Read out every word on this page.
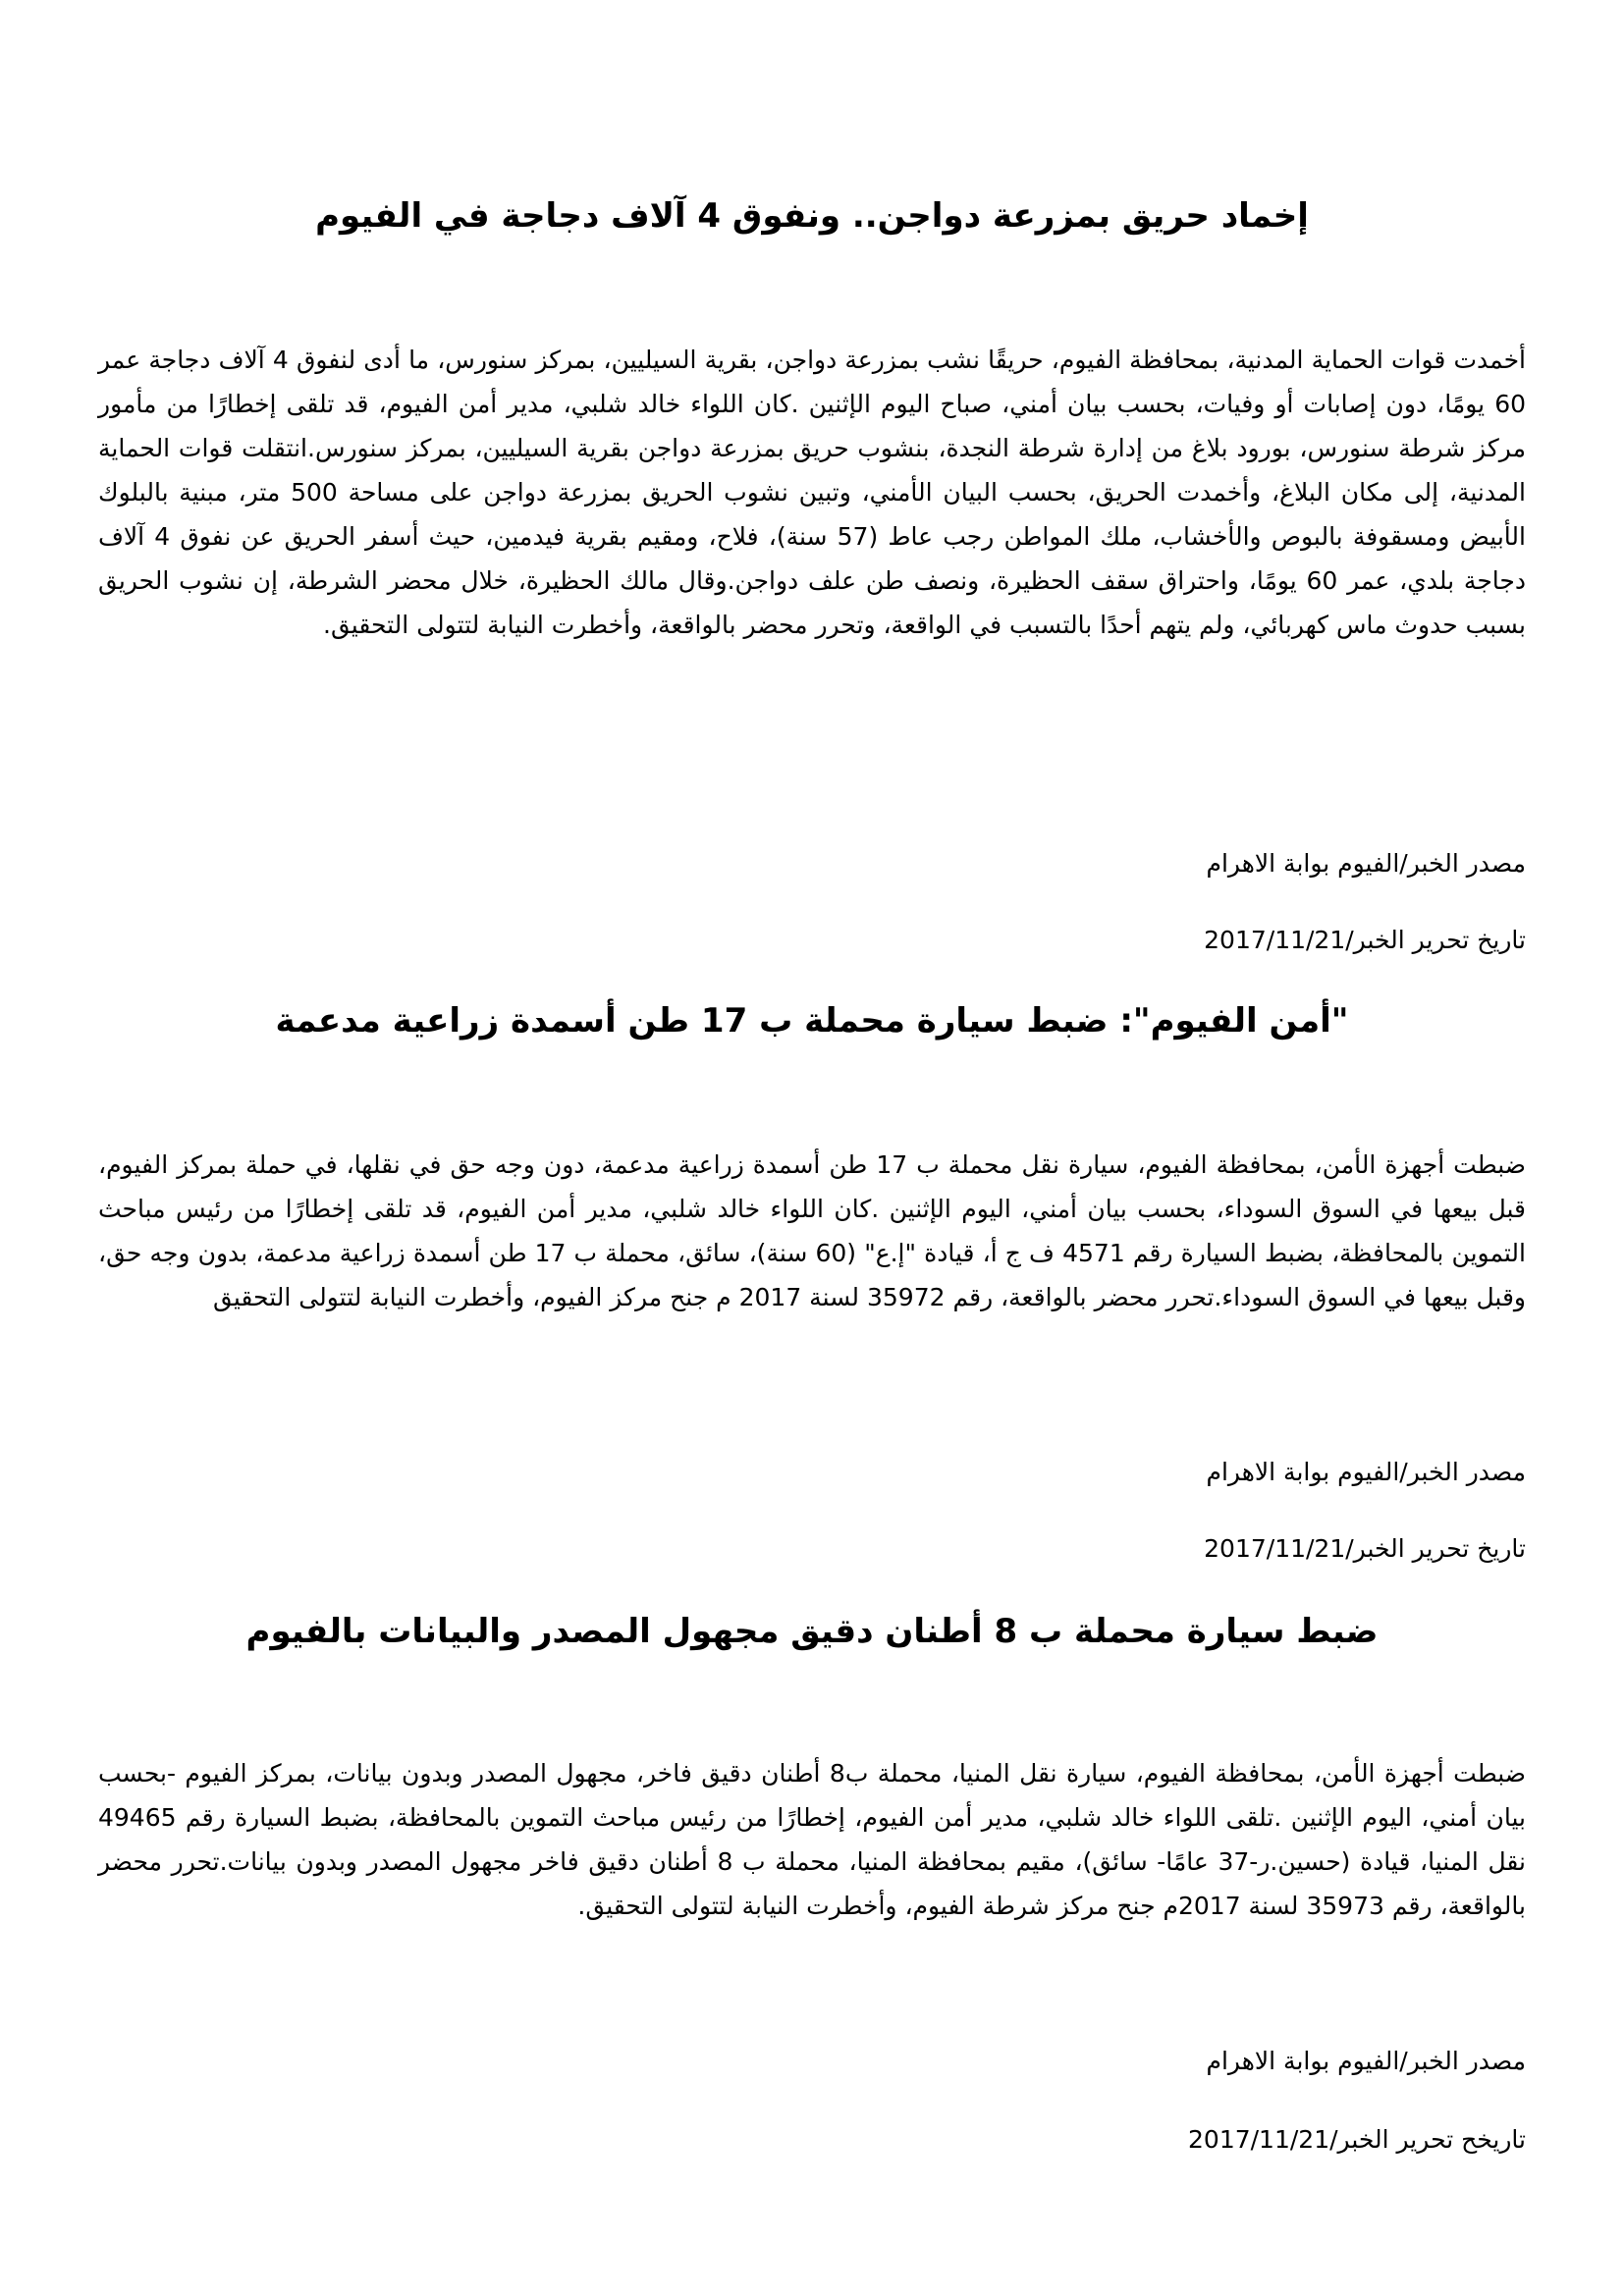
إخماد حريق بمزرعة دواجن.. ونفوق 4 آلاف دجاجة في الفيوم

أخمدت قوات الحماية المدنية، بمحافظة الفيوم، حريقًا نشب بمزرعة دواجن، بقرية السيليين، بمركز سنورس، ما أدى لنفوق 4 آلاف دجاجة عمر 60 يومًا، دون إصابات أو وفيات، بحسب بيان أمني، صباح اليوم الإثنين .كان اللواء خالد شلبي، مدير أمن الفيوم، قد تلقى إخطارًا من مأمور مركز شرطة سنورس، بورود بلاغ من إدارة شرطة النجدة، بنشوب حريق بمزرعة دواجن بقرية السيليين، بمركز سنورس.انتقلت قوات الحماية المدنية، إلى مكان البلاغ، وأخمدت الحريق، بحسب البيان الأمني، وتبين نشوب الحريق بمزرعة دواجن على مساحة 500 متر، مبنية بالبلوك الأبيض ومسقوفة بالبوص والأخشاب، ملك المواطن رجب عاط (57 سنة)، فلاح، ومقيم بقرية فيدمين، حيث أسفر الحريق عن نفوق 4 آلاف دجاجة بلدي، عمر 60 يومًا، واحتراق سقف الحظيرة، ونصف طن علف دواجن.وقال مالك الحظيرة، خلال محضر الشرطة، إن نشوب الحريق بسبب حدوث ماس كهربائي، ولم يتهم أحدًا بالتسبب في الواقعة، وتحرر محضر بالواقعة، وأخطرت النيابة لتتولى التحقيق.

مصدر الخبر/الفيوم بوابة الاهرام

تاريخ تحرير الخبر/2017/11/21

"أمن الفيوم": ضبط سيارة محملة ب 17 طن أسمدة زراعية مدعمة

ضبطت أجهزة الأمن، بمحافظة الفيوم، سيارة نقل محملة ب 17 طن أسمدة زراعية مدعمة، دون وجه حق في نقلها، في حملة بمركز الفيوم، قبل بيعها في السوق السوداء، بحسب بيان أمني، اليوم الإثنين .كان اللواء خالد شلبي، مدير أمن الفيوم، قد تلقى إخطارًا من رئيس مباحث التموين بالمحافظة، بضبط السيارة رقم 4571 ف ج أ، قيادة "إ.ع" (60 سنة)، سائق، محملة ب 17 طن أسمدة زراعية مدعمة، بدون وجه حق، وقبل بيعها في السوق السوداء.تحرر محضر بالواقعة، رقم 35972 لسنة 2017 م جنح مركز الفيوم، وأخطرت النيابة لتتولى التحقيق

مصدر الخبر/الفيوم بوابة الاهرام

تاريخ تحرير الخبر/2017/11/21

ضبط سيارة محملة ب 8 أطنان دقيق مجهول المصدر والبيانات بالفيوم

ضبطت أجهزة الأمن، بمحافظة الفيوم، سيارة نقل المنيا، محملة ب8 أطنان دقيق فاخر، مجهول المصدر وبدون بيانات، بمركز الفيوم -بحسب بيان أمني، اليوم الإثنين .تلقى اللواء خالد شلبي، مدير أمن الفيوم، إخطارًا من رئيس مباحث التموين بالمحافظة، بضبط السيارة رقم 49465 نقل المنيا، قيادة (حسين.ر-37 عامًا- سائق)، مقيم بمحافظة المنيا، محملة ب 8 أطنان دقيق فاخر مجهول المصدر وبدون بيانات.تحرر محضر بالواقعة، رقم 35973 لسنة 2017م جنح مركز شرطة الفيوم، وأخطرت النيابة لتتولى التحقيق.

مصدر الخبر/الفيوم بوابة الاهرام

تاريخح تحرير الخبر/2017/11/21
